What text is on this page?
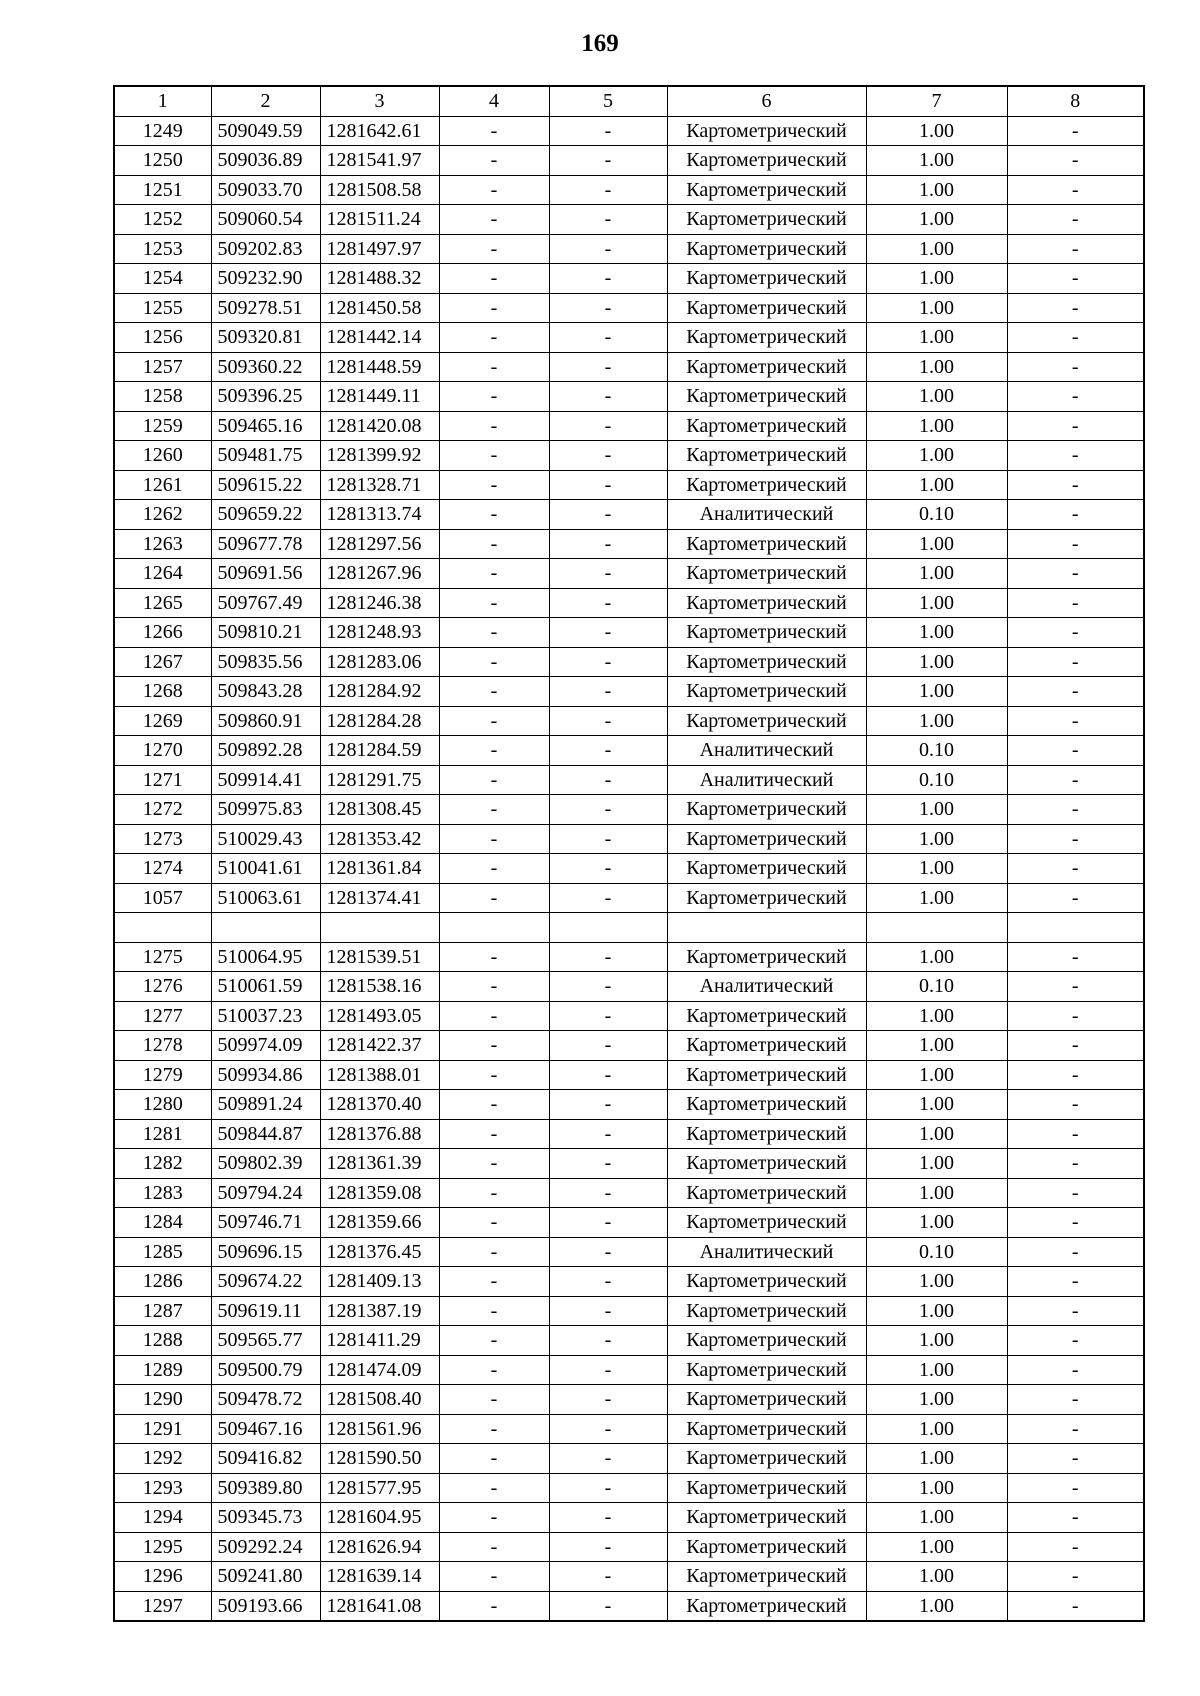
169
1	2	3	4	5	6	7	8
1249	509049.59	1281642.61	-	-	Картометрический	1.00	-
1250	509036.89	1281541.97	-	-	Картометрический	1.00	-
1251	509033.70	1281508.58	-	-	Картометрический	1.00	-
1252	509060.54	1281511.24	-	-	Картометрический	1.00	-
1253	509202.83	1281497.97	-	-	Картометрический	1.00	-
1254	509232.90	1281488.32	-	-	Картометрический	1.00	-
1255	509278.51	1281450.58	-	-	Картометрический	1.00	-
1256	509320.81	1281442.14	-	-	Картометрический	1.00	-
1257	509360.22	1281448.59	-	-	Картометрический	1.00	-
1258	509396.25	1281449.11	-	-	Картометрический	1.00	-
1259	509465.16	1281420.08	-	-	Картометрический	1.00	-
1260	509481.75	1281399.92	-	-	Картометрический	1.00	-
1261	509615.22	1281328.71	-	-	Картометрический	1.00	-
1262	509659.22	1281313.74	-	-	Аналитический	0.10	-
1263	509677.78	1281297.56	-	-	Картометрический	1.00	-
1264	509691.56	1281267.96	-	-	Картометрический	1.00	-
1265	509767.49	1281246.38	-	-	Картометрический	1.00	-
1266	509810.21	1281248.93	-	-	Картометрический	1.00	-
1267	509835.56	1281283.06	-	-	Картометрический	1.00	-
1268	509843.28	1281284.92	-	-	Картометрический	1.00	-
1269	509860.91	1281284.28	-	-	Картометрический	1.00	-
1270	509892.28	1281284.59	-	-	Аналитический	0.10	-
1271	509914.41	1281291.75	-	-	Аналитический	0.10	-
1272	509975.83	1281308.45	-	-	Картометрический	1.00	-
1273	510029.43	1281353.42	-	-	Картометрический	1.00	-
1274	510041.61	1281361.84	-	-	Картометрический	1.00	-
1057	510063.61	1281374.41	-	-	Картометрический	1.00	-

1275	510064.95	1281539.51	-	-	Картометрический	1.00	-
1276	510061.59	1281538.16	-	-	Аналитический	0.10	-
1277	510037.23	1281493.05	-	-	Картометрический	1.00	-
1278	509974.09	1281422.37	-	-	Картометрический	1.00	-
1279	509934.86	1281388.01	-	-	Картометрический	1.00	-
1280	509891.24	1281370.40	-	-	Картометрический	1.00	-
1281	509844.87	1281376.88	-	-	Картометрический	1.00	-
1282	509802.39	1281361.39	-	-	Картометрический	1.00	-
1283	509794.24	1281359.08	-	-	Картометрический	1.00	-
1284	509746.71	1281359.66	-	-	Картометрический	1.00	-
1285	509696.15	1281376.45	-	-	Аналитический	0.10	-
1286	509674.22	1281409.13	-	-	Картометрический	1.00	-
1287	509619.11	1281387.19	-	-	Картометрический	1.00	-
1288	509565.77	1281411.29	-	-	Картометрический	1.00	-
1289	509500.79	1281474.09	-	-	Картометрический	1.00	-
1290	509478.72	1281508.40	-	-	Картометрический	1.00	-
1291	509467.16	1281561.96	-	-	Картометрический	1.00	-
1292	509416.82	1281590.50	-	-	Картометрический	1.00	-
1293	509389.80	1281577.95	-	-	Картометрический	1.00	-
1294	509345.73	1281604.95	-	-	Картометрический	1.00	-
1295	509292.24	1281626.94	-	-	Картометрический	1.00	-
1296	509241.80	1281639.14	-	-	Картометрический	1.00	-
1297	509193.66	1281641.08	-	-	Картометрический	1.00	-
